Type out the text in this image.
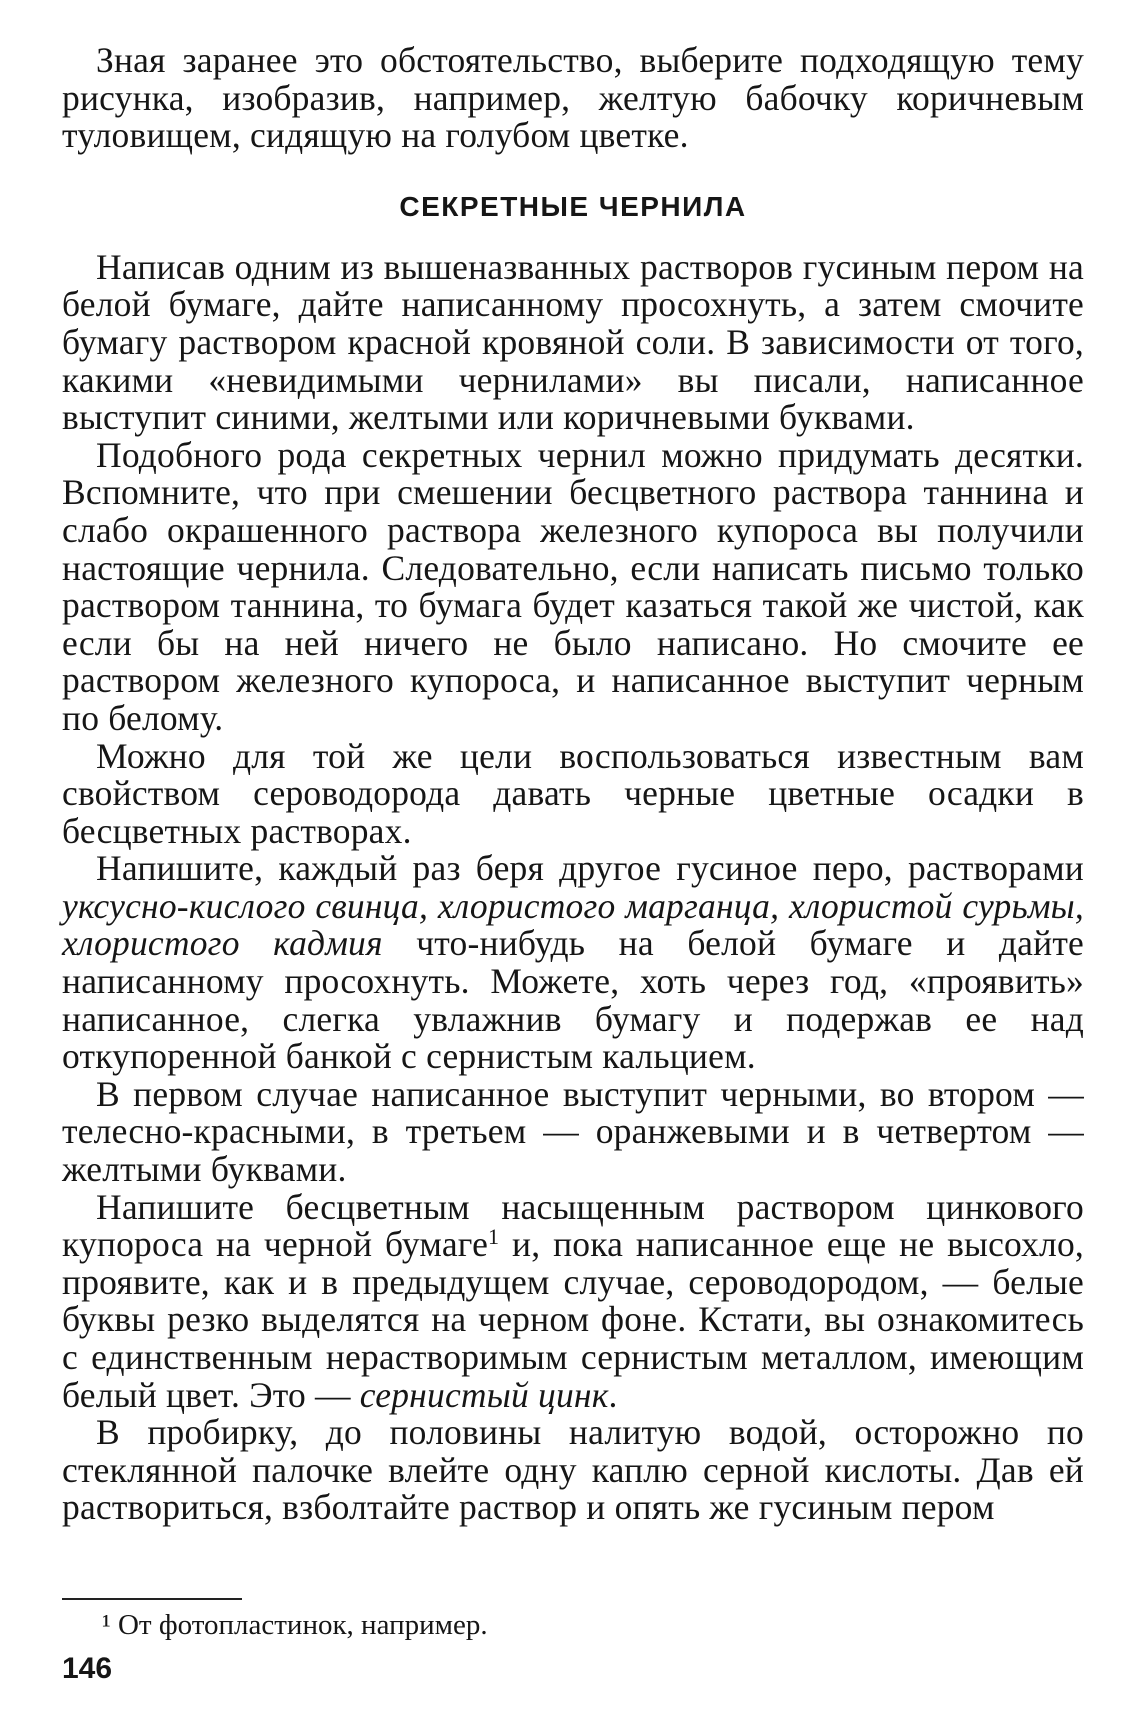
Зная заранее это обстоятельство, выберите подходящую тему рисунка, изобразив, например, желтую бабочку коричневым туловищем, сидящую на голубом цветке.

СЕКРЕТНЫЕ ЧЕРНИЛА

Написав одним из вышеназванных растворов гусиным пером на белой бумаге, дайте написанному просохнуть, а затем смочите бумагу раствором красной кровяной соли. В зависимости от того, какими «невидимыми чернилами» вы писали, написанное выступит синими, желтыми или коричневыми буквами.

Подобного рода секретных чернил можно придумать десятки. Вспомните, что при смешении бесцветного раствора таннина и слабо окрашенного раствора железного купороса вы получили настоящие чернила. Следовательно, если написать письмо только раствором таннина, то бумага будет казаться такой же чистой, как если бы на ней ничего не было написано. Но смочите ее раствором железного купороса, и написанное выступит черным по белому.

Можно для той же цели воспользоваться известным вам свойством сероводорода давать черные цветные осадки в бесцветных растворах.

Напишите, каждый раз беря другое гусиное перо, растворами уксусно-кислого свинца, хлористого марганца, хлористой сурьмы, хлористого кадмия что-нибудь на белой бумаге и дайте написанному просохнуть. Можете, хоть через год, «проявить» написанное, слегка увлажнив бумагу и подержав ее над откупоренной банкой с сернистым кальцием.

В первом случае написанное выступит черными, во втором — телесно-красными, в третьем — оранжевыми и в четвертом — желтыми буквами.

Напишите бесцветным насыщенным раствором цинкового купороса на черной бумаге$^1$ и, пока написанное еще не высохло, проявите, как и в предыдущем случае, сероводородом, — белые буквы резко выделятся на черном фоне. Кстати, вы ознакомитесь с единственным нерастворимым сернистым металлом, имеющим белый цвет. Это — сернистый цинк.

В пробирку, до половины налитую водой, осторожно по стеклянной палочке влейте одну каплю серной кислоты. Дав ей раствориться, взболтайте раствор и опять же гусиным пером

¹ От фотопластинок, например.
146
